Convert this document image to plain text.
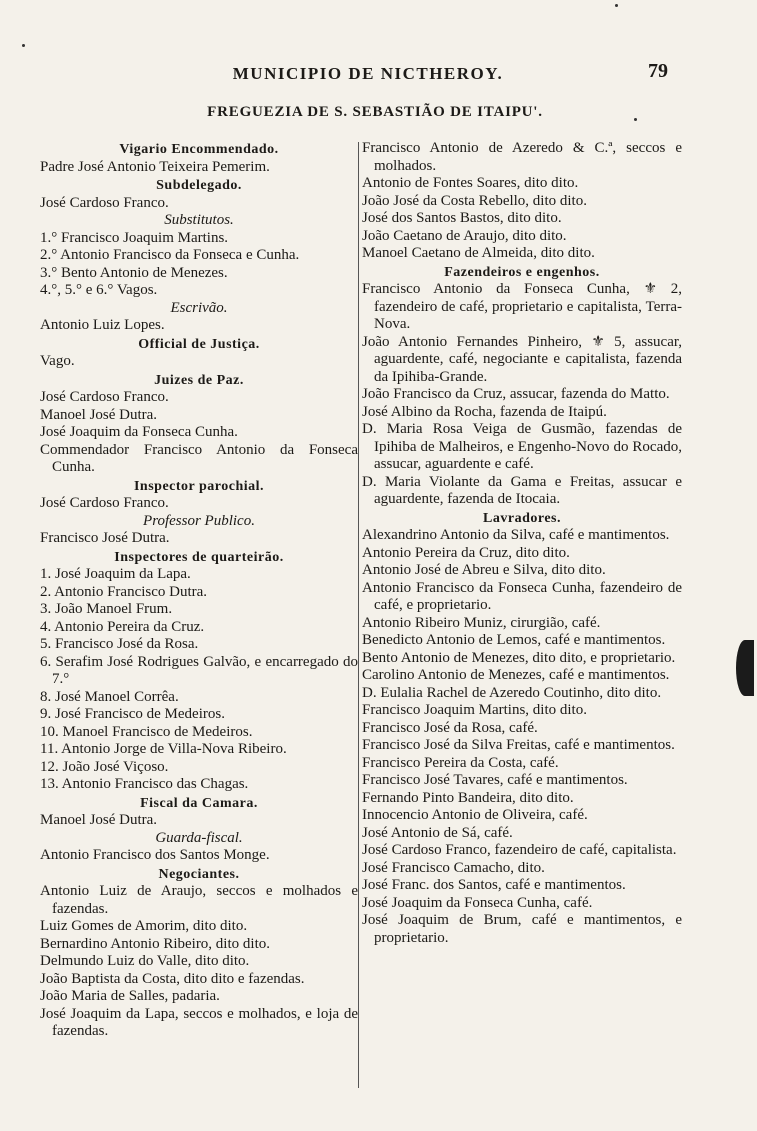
MUNICIPIO DE NICTHEROY.	79
FREGUEZIA DE S. SEBASTIÃO DE ITAIPU'.

Vigario Encommendado.

Padre José Antonio Teixeira Pemerim.

Subdelegado.

José Cardoso Franco.

Substitutos.

1.° Francisco Joaquim Martins.

2.° Antonio Francisco da Fonseca e Cunha.

3.° Bento Antonio de Menezes.

4.°, 5.° e 6.° Vagos.

Escrivão.

Antonio Luiz Lopes.

Official de Justiça.

Vago.

Juizes de Paz.

José Cardoso Franco.

Manoel José Dutra.

José Joaquim da Fonseca Cunha.

Commendador Francisco Antonio da Fonseca Cunha.

Inspector parochial.

José Cardoso Franco.

Professor Publico.

Francisco José Dutra.

Inspectores de quarteirão.

1. José Joaquim da Lapa.

2. Antonio Francisco Dutra.

3. João Manoel Frum.

4. Antonio Pereira da Cruz.

5. Francisco José da Rosa.

6. Serafim José Rodrigues Galvão, e encarregado do 7.°

8. José Manoel Corrêa.

9. José Francisco de Medeiros.

10. Manoel Francisco de Medeiros.

11. Antonio Jorge de Villa-Nova Ribeiro.

12. João José Viçoso.

13. Antonio Francisco das Chagas.

Fiscal da Camara.

Manoel José Dutra.

Guarda-fiscal.

Antonio Francisco dos Santos Monge.

Negociantes.

Antonio Luiz de Araujo, seccos e molhados e fazendas.

Luiz Gomes de Amorim, dito dito.

Bernardino Antonio Ribeiro, dito dito.

Delmundo Luiz do Valle, dito dito.

João Baptista da Costa, dito dito e fazendas.

João Maria de Salles, padaria.

José Joaquim da Lapa, seccos e molhados, e loja de fazendas.

Francisco Antonio de Azeredo & C.ª, seccos e molhados.

Antonio de Fontes Soares, dito dito.

João José da Costa Rebello, dito dito.

José dos Santos Bastos, dito dito.

João Caetano de Araujo, dito dito.

Manoel Caetano de Almeida, dito dito.

Fazendeiros e engenhos.

Francisco Antonio da Fonseca Cunha, ⚜ 2, fazendeiro de café, proprietario e capitalista, Terra-Nova.

João Antonio Fernandes Pinheiro, ⚜ 5, assucar, aguardente, café, negociante e capitalista, fazenda da Ipihiba-Grande.

João Francisco da Cruz, assucar, fazenda do Matto.

José Albino da Rocha, fazenda de Itaipú.

D. Maria Rosa Veiga de Gusmão, fazendas de Ipihiba de Malheiros, e Engenho-Novo do Rocado, assucar, aguardente e café.

D. Maria Violante da Gama e Freitas, assucar e aguardente, fazenda de Itocaia.

Lavradores.

Alexandrino Antonio da Silva, café e mantimentos.

Antonio Pereira da Cruz, dito dito.

Antonio José de Abreu e Silva, dito dito.

Antonio Francisco da Fonseca Cunha, fazendeiro de café, e proprietario.

Antonio Ribeiro Muniz, cirurgião, café.

Benedicto Antonio de Lemos, café e mantimentos.

Bento Antonio de Menezes, dito dito, e proprietario.

Carolino Antonio de Menezes, café e mantimentos.

D. Eulalia Rachel de Azeredo Coutinho, dito dito.

Francisco Joaquim Martins, dito dito.

Francisco José da Rosa, café.

Francisco José da Silva Freitas, café e mantimentos.

Francisco Pereira da Costa, café.

Francisco José Tavares, café e mantimentos.

Fernando Pinto Bandeira, dito dito.

Innocencio Antonio de Oliveira, café.

José Antonio de Sá, café.

José Cardoso Franco, fazendeiro de café, capitalista.

José Francisco Camacho, dito.

José Franc. dos Santos, café e mantimentos.

José Joaquim da Fonseca Cunha, café.

José Joaquim de Brum, café e mantimentos, e proprietario.
